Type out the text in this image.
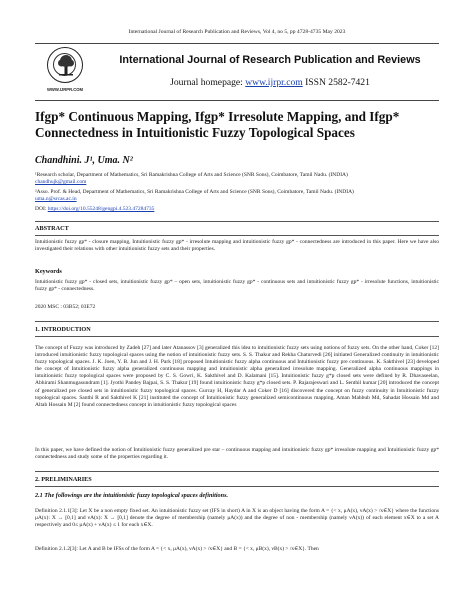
International Journal of Research Publication and Reviews, Vol 4, no 5, pp 4728-4735 May 2023
WWW.IJRPR.COM
International Journal of Research Publication and Reviews
Journal homepage: www.ijrpr.com ISSN 2582-7421
Ifgp* Continuous Mapping, Ifgp* Irresolute Mapping, and Ifgp*
Connectedness in Intuitionistic Fuzzy Topological Spaces
Chandhini. J¹, Uma. N²
¹Research scholar, Department of Mathematics, Sri Ramakrishna College of Arts and Science (SNR Sons), Coimbatore, Tamil Nadu. (INDIA)
chandhujk@gmail.com
²Asso. Prof. & Head, Department of Mathematics, Sri Ramakrishna College of Arts and Science (SNR Sons), Coimbatore, Tamil Nadu. (INDIA)
uma.n@srcas.ac.in
DOI: https://doi.org/10.55248/gengpi.4.523.47284735
ABSTRACT
Intuitionistic fuzzy gp* - closure mapping, Intuitionistic fuzzy gp* - irresolute mapping and intuitionistic fuzzy gp* - connectedness are introduced in this paper. Here we have also investigated their relations with other intuitionistic fuzzy sets and their properties.
Keywords
Intuitionistic fuzzy gp* - closed sets, intuitionistic fuzzy gp* – open sets, intuitionistic fuzzy gp* - continuous sets and intuitionistic fuzzy gp* - irresolute functions, intuitionistic fuzzy gp* - connectedness.
2020 MSC : 03B52; 03E72
1. INTRODUCTION
The concept of Fuzzy was introduced by Zadeh [27] and later Atanassov [3] generalized this idea to intuitionistic fuzzy sets using notions of fuzzy sets. On the other hand, Coker [12] introduced intuitionistic fuzzy topological spaces using the notion of intuitionistic fuzzy sets. S. S. Thakur and Rekha Chaturvedi [26] initiated Generalized continuity in intuitionistic fuzzy topological spaces. J. K. Joen, Y. B. Jun and J. H. Park [18] proposed Intuitionistic fuzzy alpha continuous and Intuitionistic fuzzy pre continuous. K. Sakthivel [23] developed the concept of Intuitionistic fuzzy alpha generalized continuous mapping and intuitionistic alpha generalized irresolute mapping. Generalized alpha continuous mappings in intuitionistic fuzzy topological spaces were proposed by C. S. Gowri, K. Sakthivel and D. Kalamani [15]. Intuitionistic fuzzy g*p closed sets were defined by R. Dhavaseelan, Abhirami Shanmugasundram [1]. Jyothi Pandey Bajpai, S. S. Thakur [19] found intuitionistic fuzzy g*p closed sets. P. Rajarajeswari and L. Senthil kumar [20] introduced the concept of generalized pre closed sets in intuitionistic fuzzy topological spaces. Gurcay H, Haydar A and Coker D [16] discovered the concept on fuzzy continuity in Intuitionistic fuzzy topological spaces. Santhi R and Sakthivel K [21] instituted the concept of Intuitionistic fuzzy generalized semicontinuous mapping. Aman Mahbub Md, Sahadat Hossain Md and Altab Hossain M [2] found connectedness concept in intuitionistic fuzzy topological spaces
In this paper, we have defined the notion of Intuitionistic fuzzy generalized pre star – continuous mapping and intuitionistic fuzzy gp* irresolute mapping and Intuitionistic fuzzy gp* connectedness and study some of the properties regarding it.
2. PRELIMINARIES
2.1 The followings are the intuitionistic fuzzy topological spaces definitions.
Definition 2.1.1[3]: Let X be a non empty fixed set. An intuitionistic fuzzy set (IFS in short) A in X is an object having the form A = {< x, μA(x), νA(x) > /x∈X} where the functions μA(x): X → [0,1] and νA(x): X → [0,1] denote the degree of membership (namely μA(x)) and the degree of non - membership (namely νA(x)) of each element x∈X to a set A respectively and 0≤ μA(x) + νA(x) ≤ 1 for each x∈X.
Definition 2.1.2[3]: Let A and B be IFSs of the form A = {< x, μA(x), νA(x) > /x∈X} and B = {< x, μB(x), νB(x) > /x∈X}. Then
